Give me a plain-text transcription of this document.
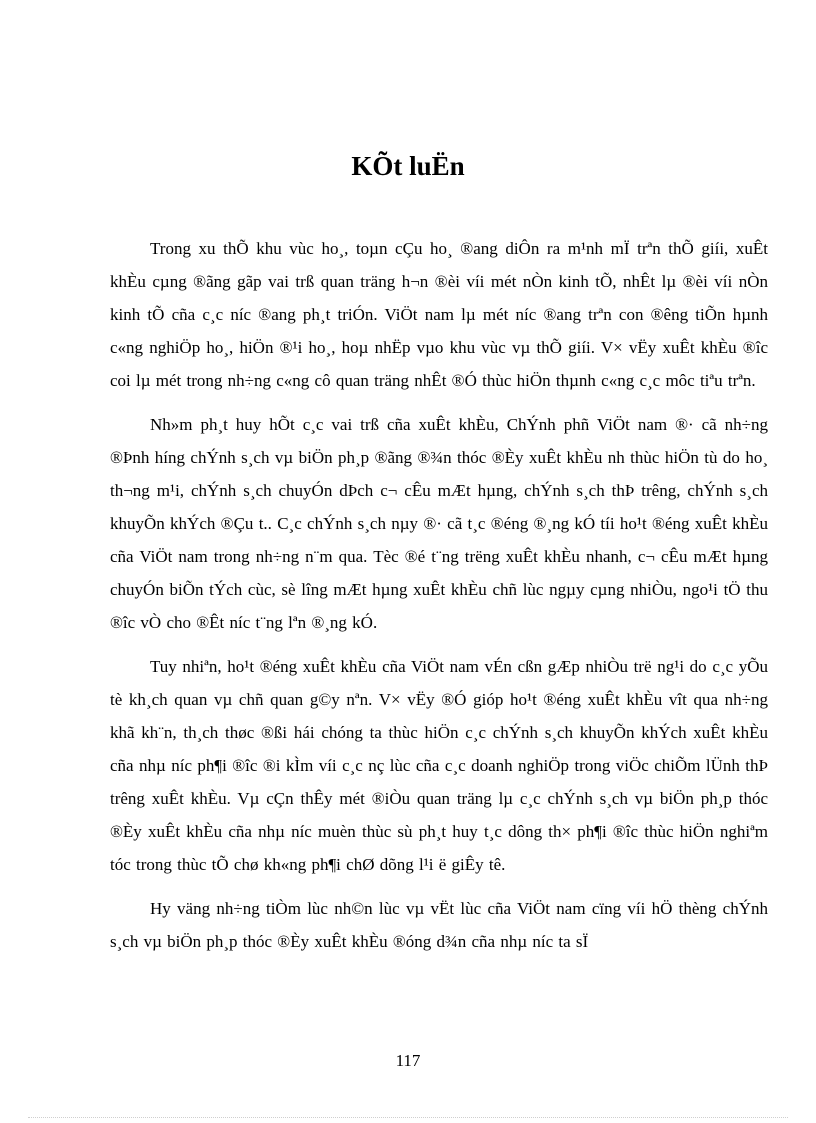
KÕt luËn

Trong xu thÕ khu vùc ho¸, toµn cÇu ho¸ ®ang diÔn ra m¹nh mÏ trªn thÕ giíi, xuÊt khÈu cµng ®ãng gãp vai trß quan träng h¬n ®èi víi mét nÒn kinh tÕ, nhÊt lµ ®èi víi nÒn kinh tÕ cña c¸c níc ®ang ph¸t triÓn. ViÖt nam lµ mét níc ®ang trªn con ®êng tiÕn hµnh c«ng nghiÖp ho¸, hiÖn ®¹i ho¸, hoµ nhËp vµo khu vùc vµ thÕ giíi. V× vËy xuÊt khÈu ®îc coi lµ mét trong nh÷ng c«ng cô quan träng nhÊt ®Ó thùc hiÖn thµnh c«ng c¸c môc tiªu trªn.

Nh»m ph¸t huy hÕt c¸c vai trß cña xuÊt khÈu, ChÝnh phñ ViÖt nam ®· cã nh÷ng ®Þnh híng chÝnh s¸ch vµ biÖn ph¸p ®ãng ®¾n thóc ®Èy xuÊt khÈu nh thùc hiÖn tù do ho¸ th¬ng m¹i, chÝnh s¸ch chuyÓn dÞch c¬ cÊu mÆt hµng, chÝnh s¸ch thÞ trêng, chÝnh s¸ch khuyÕn khÝch ®Çu t.. C¸c chÝnh s¸ch nµy ®· cã t¸c ®éng ®¸ng kÓ tíi ho¹t ®éng xuÊt khÈu cña ViÖt nam trong nh÷ng n¨m qua. Tèc ®é t¨ng trëng xuÊt khÈu nhanh, c¬ cÊu mÆt hµng chuyÓn biÕn tÝch cùc, sè lîng mÆt hµng xuÊt khÈu chñ lùc ngµy cµng nhiÒu, ngo¹i tÖ thu ®îc vÒ cho ®Êt níc t¨ng lªn ®¸ng kÓ.

Tuy nhiªn, ho¹t ®éng xuÊt khÈu cña ViÖt nam vÉn cßn gÆp nhiÒu trë ng¹i do c¸c yÕu tè kh¸ch quan vµ chñ quan g©y nªn. V× vËy ®Ó gióp ho¹t ®éng xuÊt khÈu vît qua nh÷ng khã kh¨n, th¸ch thøc ®ßi hái chóng ta thùc hiÖn c¸c chÝnh s¸ch khuyÕn khÝch xuÊt khÈu cña nhµ níc ph¶i ®îc ®i kÌm víi c¸c nç lùc cña c¸c doanh nghiÖp trong viÖc chiÕm lÜnh thÞ trêng xuÊt khÈu. Vµ cÇn thÊy mét ®iÒu quan träng lµ c¸c chÝnh s¸ch vµ biÖn ph¸p thóc ®Èy xuÊt khÈu cña nhµ níc muèn thùc sù ph¸t huy t¸c dông th× ph¶i ®îc thùc hiÖn nghiªm tóc trong thùc tÕ chø kh«ng ph¶i chØ dõng l¹i ë giÊy tê.

Hy väng nh÷ng tiÒm lùc nh©n lùc vµ vËt lùc cña ViÖt nam cïng víi hÖ thèng chÝnh s¸ch vµ biÖn ph¸p thóc ®Èy xuÊt khÈu ®óng d¾n cña nhµ níc ta sÏ

117
